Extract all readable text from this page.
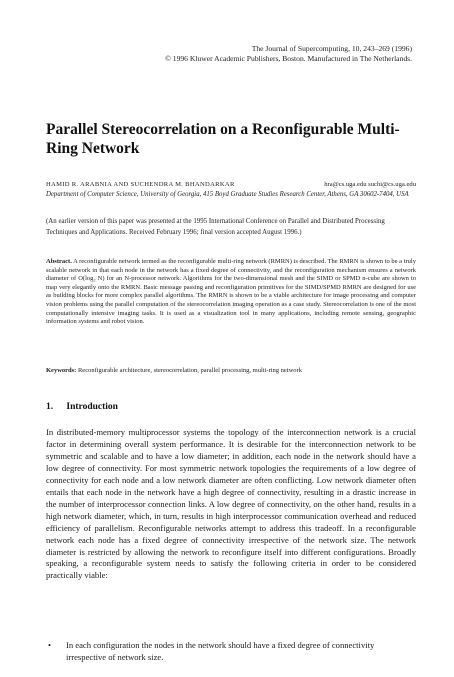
The Journal of Supercomputing, 10, 243–269 (1996)
© 1996 Kluwer Academic Publishers, Boston. Manufactured in The Netherlands.
Parallel Stereocorrelation on a Reconfigurable Multi-Ring Network
HAMID R. ARABNIA AND SUCHENDRA M. BHANDARKAR	hra@cs.uga.edu suchi@cs.uga.edu
Department of Computer Science, University of Georgia, 415 Boyd Graduate Studies Research Center, Athens, GA 30602-7404, USA
(An earlier version of this paper was presented at the 1995 International Conference on Parallel and Distributed Processing Techniques and Applications. Received February 1996; final version accepted August 1996.)
Abstract. A reconfigurable network termed as the reconfigurable multi-ring network (RMRN) is described. The RMRN is shown to be a truly scalable network in that each node in the network has a fixed degree of connectivity, and the reconfiguration mechanism ensures a network diameter of O(log₂ N) for an N-processor network. Algorithms for the two-dimensional mesh and the SIMD or SPMD n-cube are shown to map very elegantly onto the RMRN. Basic message passing and reconfiguration primitives for the SIMD/SPMD RMRN are designed for use as building blocks for more complex parallel algorithms. The RMRN is shown to be a viable architecture for image processing and computer vision problems using the parallel computation of the stereocorrelation imaging operation as a case study. Stereocorrelation is one of the most computationally intensive imaging tasks. It is used as a visualization tool in many applications, including remote sensing, geographic information systems and robot vision.
Keywords: Reconfigurable architecture, stereocorrelation, parallel processing, multi-ring network
1. Introduction
In distributed-memory multiprocessor systems the topology of the interconnection network is a crucial factor in determining overall system performance. It is desirable for the interconnection network to be symmetric and scalable and to have a low diameter; in addition, each node in the network should have a low degree of connectivity. For most symmetric network topologies the requirements of a low degree of connectivity for each node and a low network diameter are often conflicting. Low network diameter often entails that each node in the network have a high degree of connectivity, resulting in a drastic increase in the number of interprocessor connection links. A low degree of connectivity, on the other hand, results in a high network diameter, which, in turn, results in high interprocessor communication overhead and reduced efficiency of parallelism. Reconfigurable networks attempt to address this tradeoff. In a reconfigurable network each node has a fixed degree of connectivity irrespective of the network size. The network diameter is restricted by allowing the network to reconfigure itself into different configurations. Broadly speaking, a reconfigurable system needs to satisfy the following criteria in order to be considered practically viable:
• In each configuration the nodes in the network should have a fixed degree of connectivity irrespective of network size.
